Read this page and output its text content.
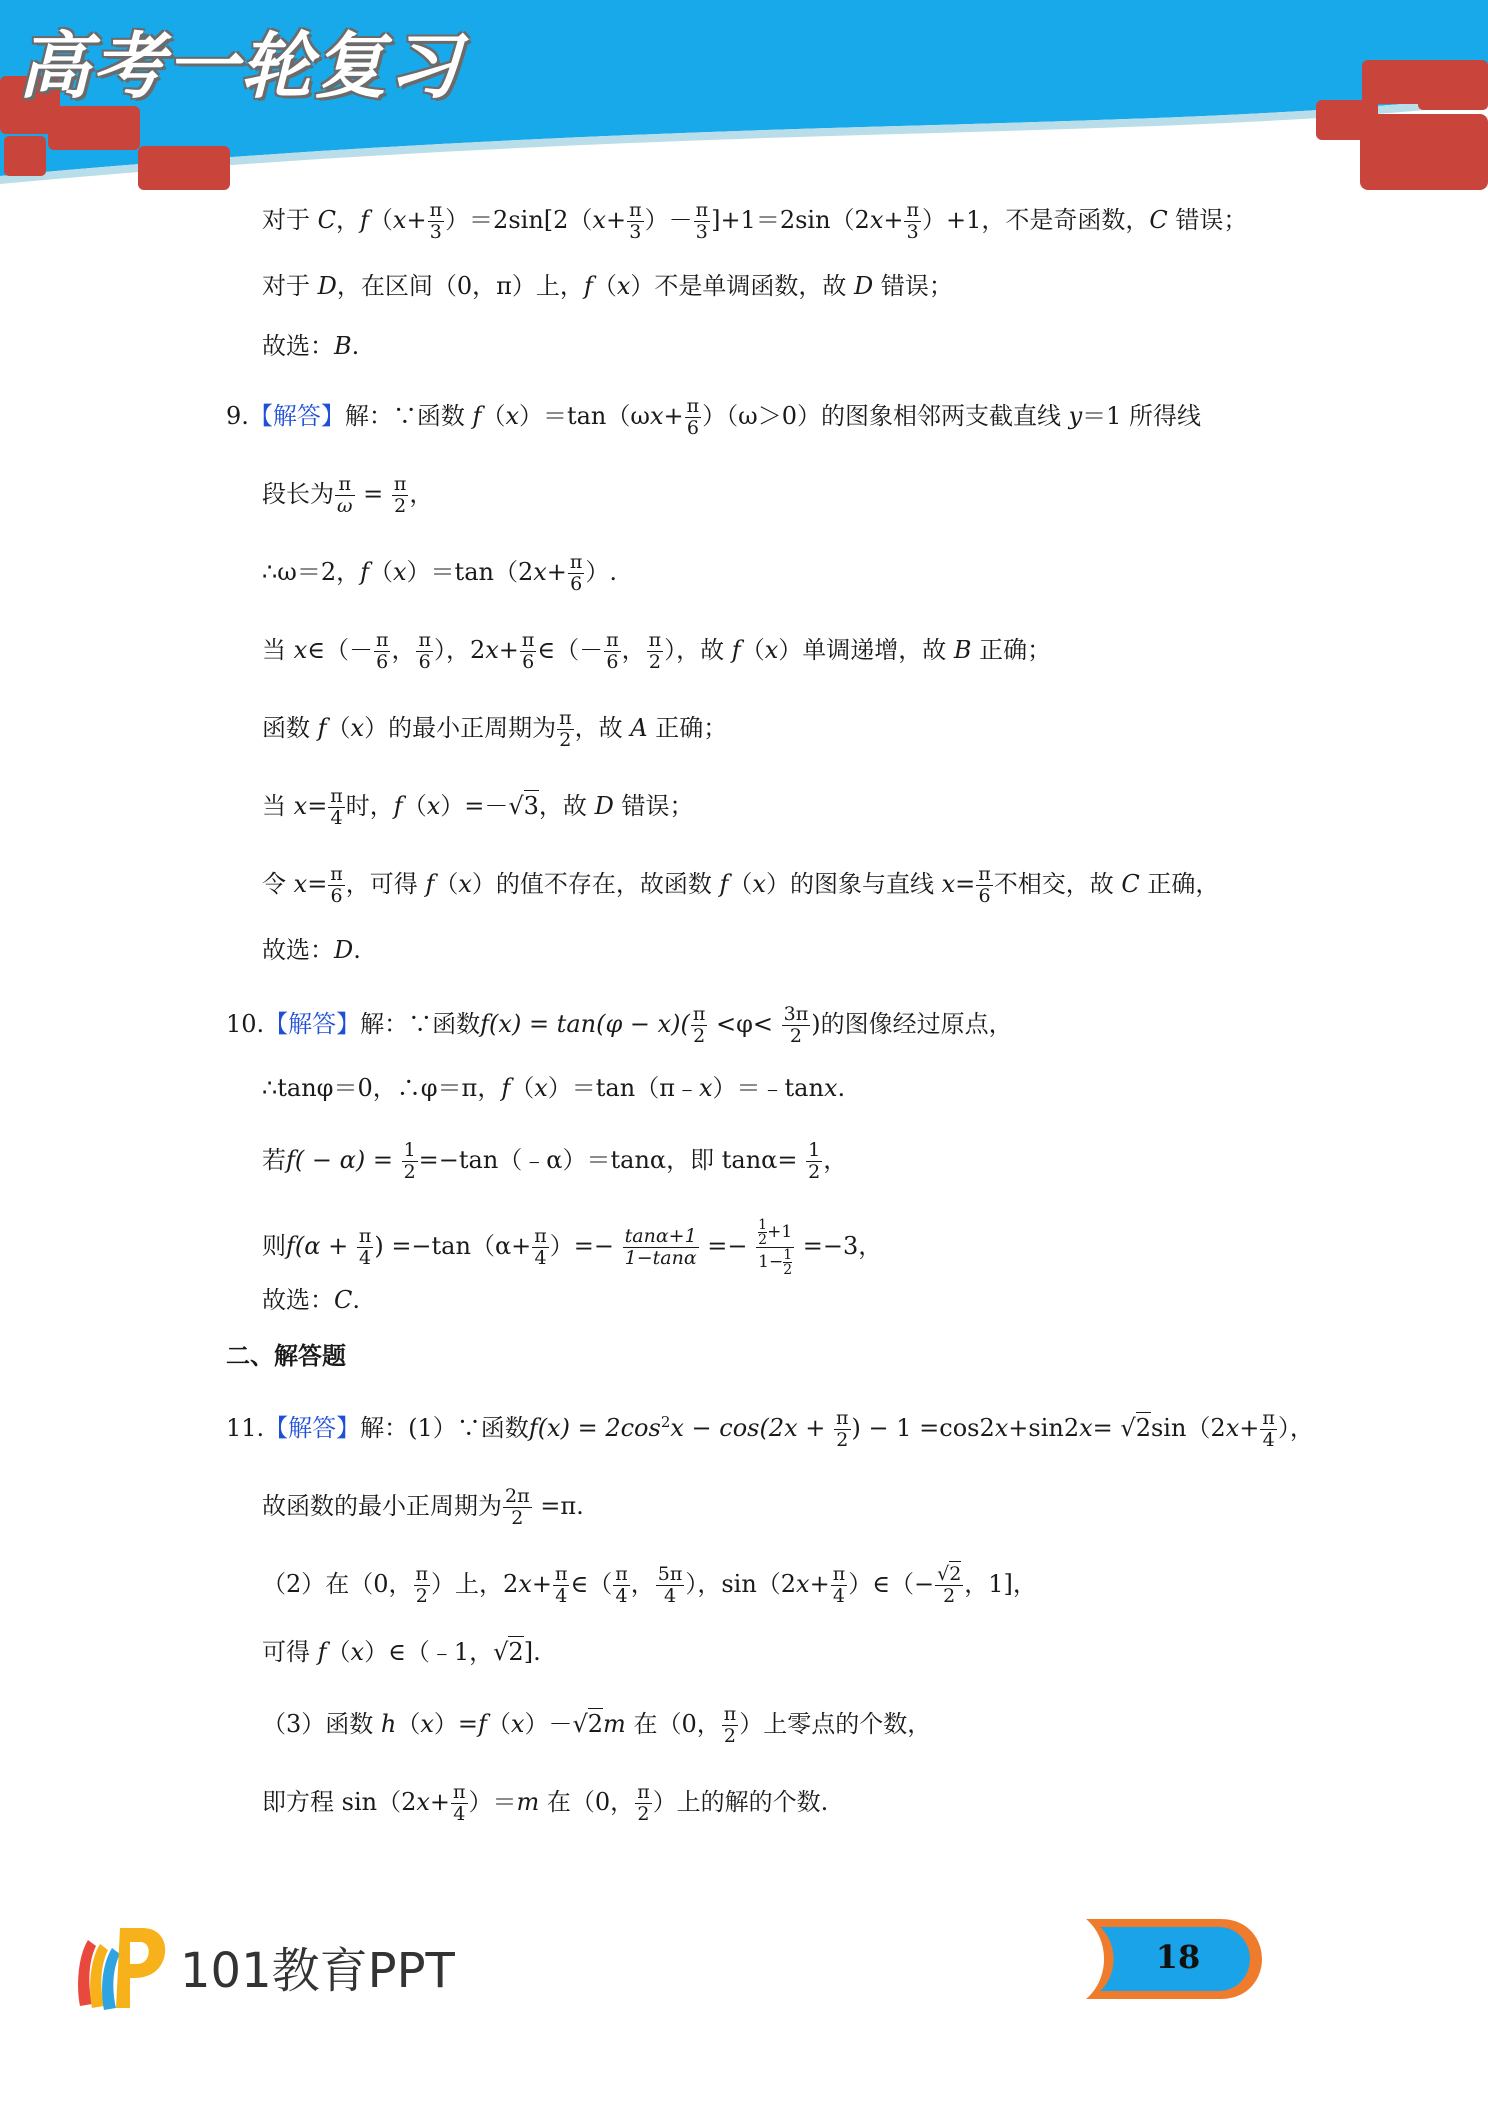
高考一轮复习
对于 C，$f(x+ \frac{\pi}{3} )=2\sin[2(x+ \frac{\pi}{3}$ ）－ $\frac{\pi}{3} ]+1=2\sin(2x+ \frac{\pi}{3} )+1$，不是奇函数，C 错误；
对于 D，在区间（0，π）上，f（x）不是单调函数，故 D 错误；
故选：B.
9.【解答】解：∵函数 $f(x)=\tan(\omega x+ \frac{\pi}{6} )(\omega>0)$的图象相邻两支截直线 y＝1 所得线
段长为 $\frac{\pi}{\omega} = \frac{\pi}{2}$ ，
∴ω＝2，$f(x)=\tan(2x+ \frac{\pi}{6}$ ）.
当 x∈（－ $\frac{\pi}{6}$ ， $\frac{\pi}{6}$ ），$2x+ \frac{\pi}{6}$ ∈（－ $\frac{\pi}{6}$ ， $\frac{\pi}{2}$ ），故 f（x）单调递增，故 B 正确；
函数 f（x）的最小正周期为 $\frac{\pi}{2}$ ，故 A 正确；
当 $x= \frac{\pi}{4}$ 时，f（x）=－√3，故 D 错误；
令 $x= \frac{\pi}{6}$ ，可得 f（x）的值不存在，故函数 f（x）的图象与直线 $x= \frac{\pi}{6}$ 不相交，故 C 正确，
故选：D.
10.【解答】解：∵函数$f(x) = \tan(\varphi - x)( \frac{\pi}{2} <\varphi< \frac{3\pi}{2}$ )的图像经过原点，
∴tanφ＝0，∴φ＝π，f（x）＝tan（π﹣x）＝﹣tanx.
若$f( - \alpha) = \frac{1}{2}$ =−tan（﹣α）＝tanα，即 $\tan\alpha= \frac{1}{2}$ ，
则$f(\alpha + \frac{\pi}{4}$ ) $=-\tan(\alpha+ \frac{\pi}{4}$ ）=− $\frac{\tan\alpha+1}{1-\tan\alpha} =- \frac{\frac{1}{2} +1}{1- \frac{1}{2}} =-3$，
故选：C.
二、解答题
11.【解答】解：(1）∵函数$f(x) = 2\cos^2x - \cos(2x + \frac{\pi}{2}$ ) − $1 =\cos 2x+\sin 2x= √2\sin(2x+ \frac{\pi}{4}$ ），
故函数的最小正周期为 $\frac{2\pi}{2} =\pi$.
（2）在（0， $\frac{\pi}{2}$ ）上，$2x+ \frac{\pi}{4}$ ∈（ $\frac{\pi}{4}$ ， $\frac{5\pi}{4}$ ），$\sin(2x+ \frac{\pi}{4}$ ）∈（− $\frac{√2}{2}$ ，1]，
可得 f（x）∈（﹣1，√2].
（3）函数 h（x）=f（x）－√2m 在（0， $\frac{\pi}{2}$ ）上零点的个数，
即方程 $\sin(2x+ \frac{\pi}{4} )=m$ 在（0， $\frac{\pi}{2}$ ）上的解的个数.
101教育PPT	18
